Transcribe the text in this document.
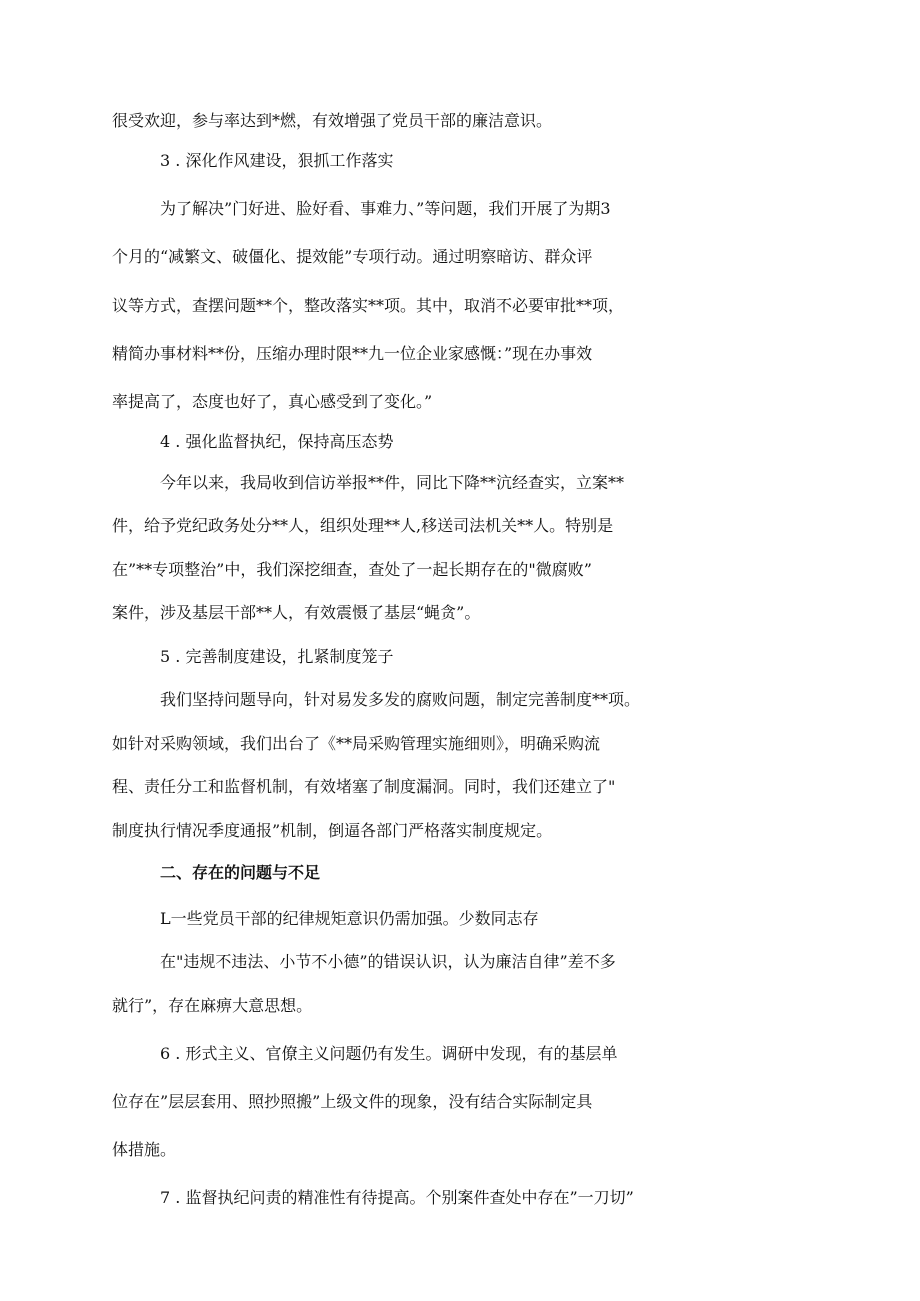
很受欢迎，参与率达到*燃，有效增强了党员干部的廉洁意识。
3 . 深化作风建设，狠抓工作落实
为了解决”门好进、脸好看、事难力、”等问题，我们开展了为期3
个月的“减繁文、破僵化、提效能”专项行动。通过明察暗访、群众评
议等方式，查摆问题**个，整改落实**项。其中，取消不必要审批**项，
精简办事材料**份，压缩办理时限**九一位企业家感慨：”现在办事效
率提高了，态度也好了，真心感受到了变化。”
4 . 强化监督执纪，保持高压态势
今年以来，我局收到信访举报**件，同比下降**沆经查实，立案**
件，给予党纪政务处分**人，组织处理**人,移送司法机关**人。特别是
在”**专项整治”中，我们深挖细查，查处了一起长期存在的"微腐败”
案件，涉及基层干部**人，有效震慑了基层“蝇贪”。
5 . 完善制度建设，扎紧制度笼子
我们坚持问题导向，针对易发多发的腐败问题，制定完善制度**项。
如针对采购领域，我们出台了《**局采购管理实施细则》，明确采购流
程、责任分工和监督机制，有效堵塞了制度漏洞。同时，我们还建立了"
制度执行情况季度通报”机制，倒逼各部门严格落实制度规定。
二、存在的问题与不足
L一些党员干部的纪律规矩意识仍需加强。少数同志存
在"违规不违法、小节不小德”的错误认识，认为廉洁自律”差不多
就行”，存在麻痹大意思想。
6 . 形式主义、官僚主义问题仍有发生。调研中发现，有的基层单
位存在”层层套用、照抄照搬”上级文件的现象，没有结合实际制定具
体措施。
7 . 监督执纪问责的精准性有待提高。个别案件查处中存在”一刀切”
